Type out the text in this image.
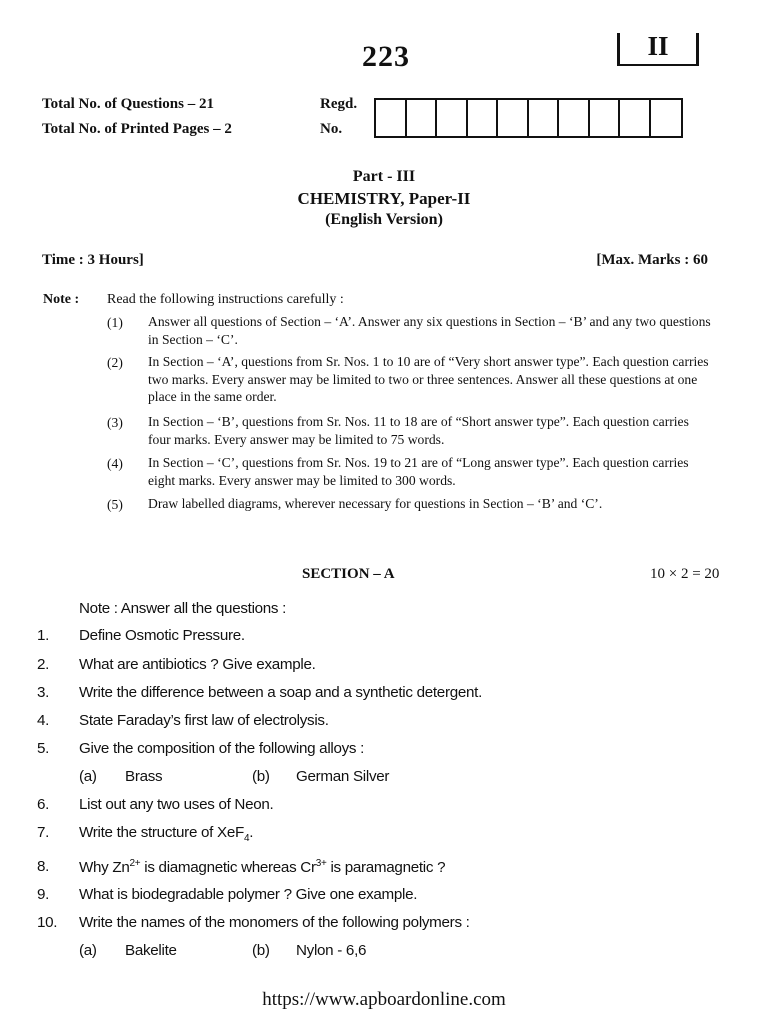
223	II
Total No. of Questions – 21
Total No. of Printed Pages – 2
Regd.
No.
Part - III
CHEMISTRY, Paper-II
(English Version)
Time : 3 Hours]	[Max. Marks : 60
Note : Read the following instructions carefully :
(1) Answer all questions of Section – ‘A’. Answer any six questions in Section – ‘B’ and any two questions in Section – ‘C’.
(2) In Section – ‘A’, questions from Sr. Nos. 1 to 10 are of “Very short answer type”. Each question carries two marks. Every answer may be limited to two or three sentences. Answer all these questions at one place in the same order.
(3) In Section – ‘B’, questions from Sr. Nos. 11 to 18 are of “Short answer type”. Each question carries four marks. Every answer may be limited to 75 words.
(4) In Section – ‘C’, questions from Sr. Nos. 19 to 21 are of “Long answer type”. Each question carries eight marks. Every answer may be limited to 300 words.
(5) Draw labelled diagrams, wherever necessary for questions in Section – ‘B’ and ‘C’.
SECTION – A	10 × 2 = 20
Note : Answer all the questions :
1. Define Osmotic Pressure.
2. What are antibiotics ? Give example.
3. Write the difference between a soap and a synthetic detergent.
4. State Faraday’s first law of electrolysis.
5. Give the composition of the following alloys :
(a) Brass	(b) German Silver
6. List out any two uses of Neon.
7. Write the structure of XeF$_4$.
8. Why $Zn^{2+}$ is diamagnetic whereas $Cr^{3+}$ is paramagnetic ?
9. What is biodegradable polymer ? Give one example.
10. Write the names of the monomers of the following polymers :
(a) Bakelite	(b) Nylon - 6,6
https://www.apboardonline.com
